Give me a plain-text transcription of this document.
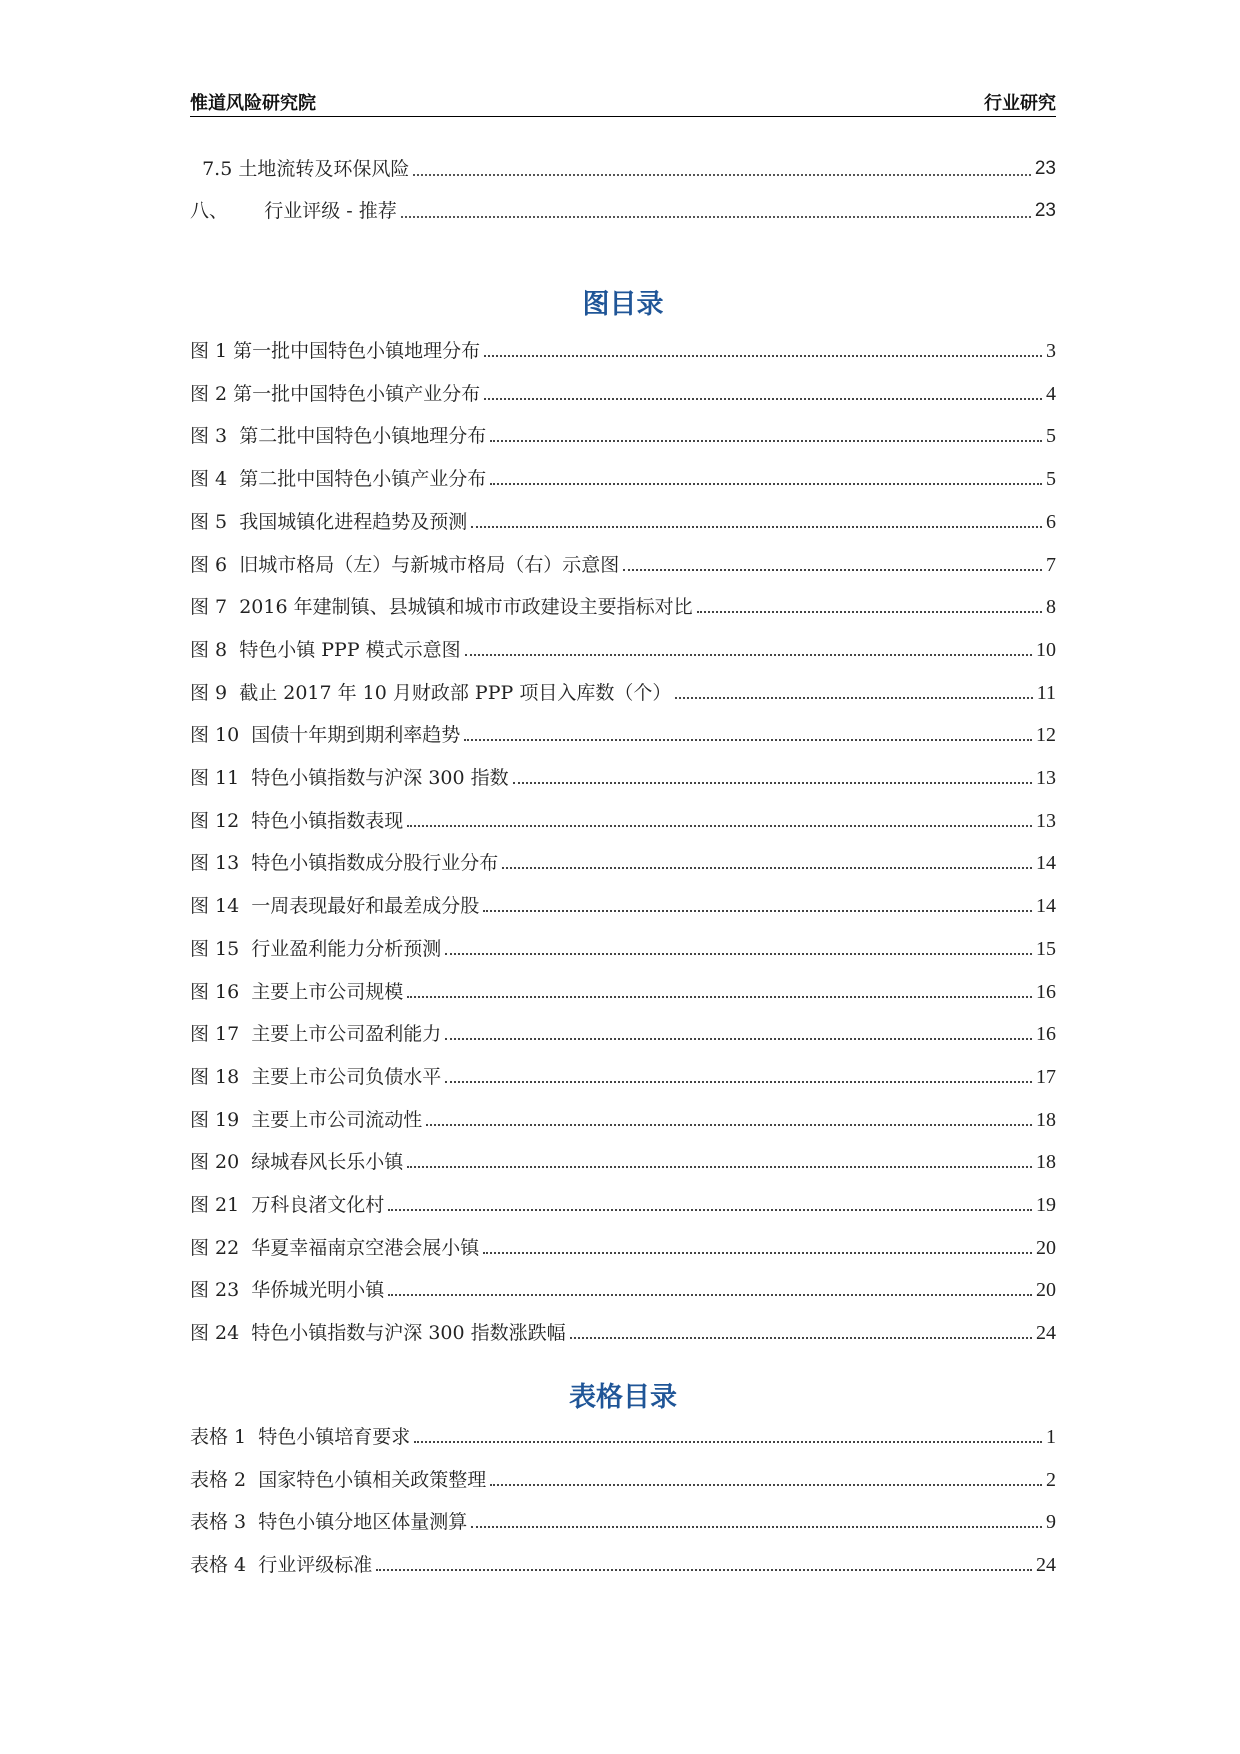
惟道风险研究院	行业研究
7.5 土地流转及环保风险	23
八、      行业评级 - 推荐	23
图目录
图 1 第一批中国特色小镇地理分布	3
图 2 第一批中国特色小镇产业分布	4
图 3  第二批中国特色小镇地理分布	5
图 4  第二批中国特色小镇产业分布	5
图 5  我国城镇化进程趋势及预测	6
图 6  旧城市格局（左）与新城市格局（右）示意图	7
图 7  2016 年建制镇、县城镇和城市市政建设主要指标对比	8
图 8  特色小镇 PPP 模式示意图	10
图 9  截止 2017 年 10 月财政部 PPP 项目入库数（个）	11
图 10  国债十年期到期利率趋势	12
图 11  特色小镇指数与沪深 300 指数	13
图 12  特色小镇指数表现	13
图 13  特色小镇指数成分股行业分布	14
图 14  一周表现最好和最差成分股	14
图 15  行业盈利能力分析预测	15
图 16  主要上市公司规模	16
图 17  主要上市公司盈利能力	16
图 18  主要上市公司负债水平	17
图 19  主要上市公司流动性	18
图 20  绿城春风长乐小镇	18
图 21  万科良渚文化村	19
图 22  华夏幸福南京空港会展小镇	20
图 23  华侨城光明小镇	20
图 24  特色小镇指数与沪深 300 指数涨跌幅	24
表格目录
表格 1  特色小镇培育要求	1
表格 2  国家特色小镇相关政策整理	2
表格 3  特色小镇分地区体量测算	9
表格 4  行业评级标准	24
